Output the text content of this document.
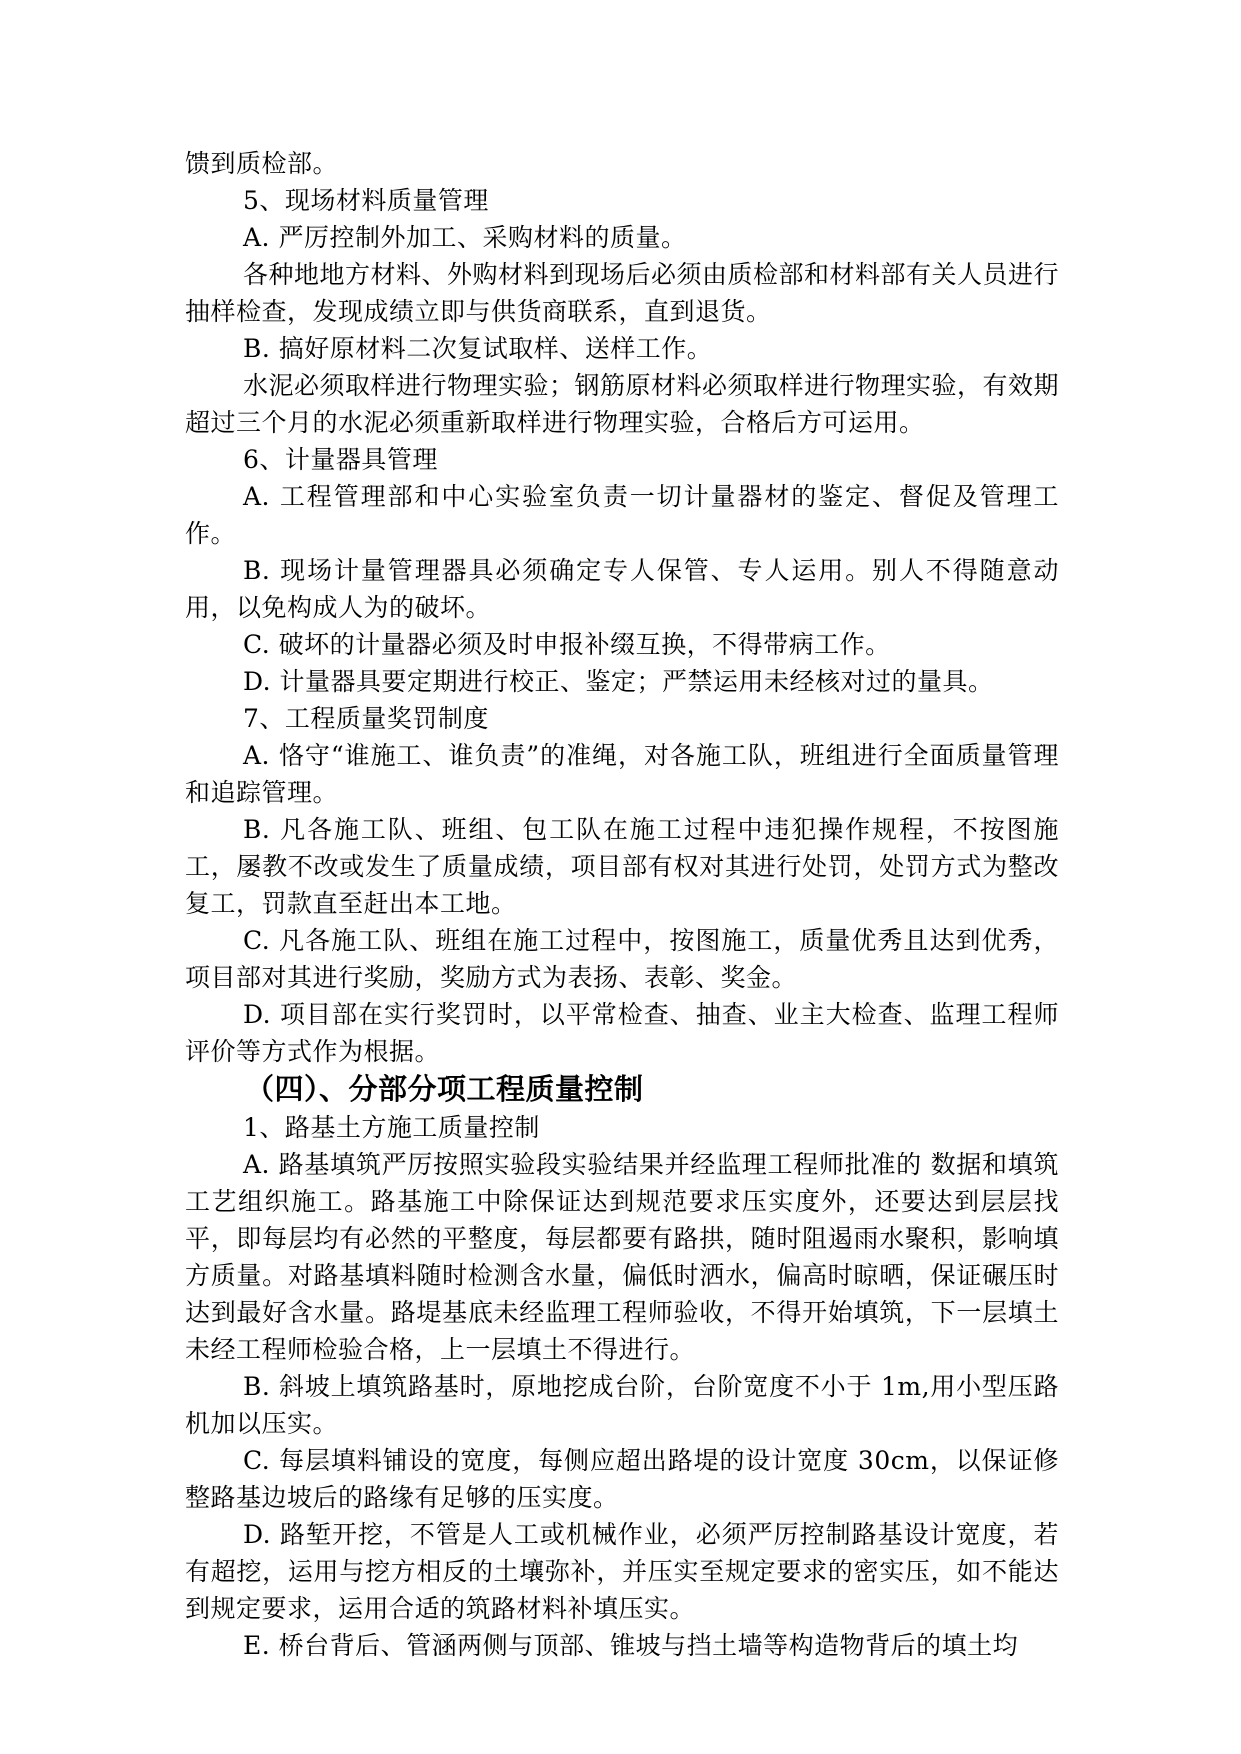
馈到质检部。

5、现场材料质量管理

A. 严厉控制外加工、采购材料的质量。

各种地地方材料、外购材料到现场后必须由质检部和材料部有关人员进行抽样检查，发现成绩立即与供货商联系，直到退货。

B. 搞好原材料二次复试取样、送样工作。

水泥必须取样进行物理实验；钢筋原材料必须取样进行物理实验，有效期超过三个月的水泥必须重新取样进行物理实验，合格后方可运用。

6、计量器具管理

A. 工程管理部和中心实验室负责一切计量器材的鉴定、督促及管理工作。

B. 现场计量管理器具必须确定专人保管、专人运用。别人不得随意动用，以免构成人为的破坏。

C. 破坏的计量器必须及时申报补缀互换，不得带病工作。

D. 计量器具要定期进行校正、鉴定；严禁运用未经核对过的量具。

7、工程质量奖罚制度

A. 恪守“谁施工、谁负责”的准绳，对各施工队，班组进行全面质量管理和追踪管理。

B. 凡各施工队、班组、包工队在施工过程中违犯操作规程，不按图施工，屡教不改或发生了质量成绩，项目部有权对其进行处罚，处罚方式为整改复工，罚款直至赶出本工地。

C. 凡各施工队、班组在施工过程中，按图施工，质量优秀且达到优秀，项目部对其进行奖励，奖励方式为表扬、表彰、奖金。

D. 项目部在实行奖罚时，以平常检查、抽查、业主大检查、监理工程师评价等方式作为根据。

（四）、分部分项工程质量控制

1、路基土方施工质量控制

A. 路基填筑严厉按照实验段实验结果并经监理工程师批准的 数据和填筑工艺组织施工。路基施工中除保证达到规范要求压实度外，还要达到层层找平，即每层均有必然的平整度，每层都要有路拱，随时阻遏雨水聚积，影响填方质量。对路基填料随时检测含水量，偏低时洒水，偏高时晾晒，保证碾压时达到最好含水量。路堤基底未经监理工程师验收，不得开始填筑，下一层填土未经工程师检验合格，上一层填土不得进行。

B. 斜坡上填筑路基时，原地挖成台阶，台阶宽度不小于 1m,用小型压路机加以压实。

C. 每层填料铺设的宽度，每侧应超出路堤的设计宽度 30cm，以保证修整路基边坡后的路缘有足够的压实度。

D. 路堑开挖，不管是人工或机械作业，必须严厉控制路基设计宽度，若有超挖，运用与挖方相反的土壤弥补，并压实至规定要求的密实压，如不能达到规定要求，运用合适的筑路材料补填压实。

E. 桥台背后、管涵两侧与顶部、锥坡与挡土墙等构造物背后的填土均
